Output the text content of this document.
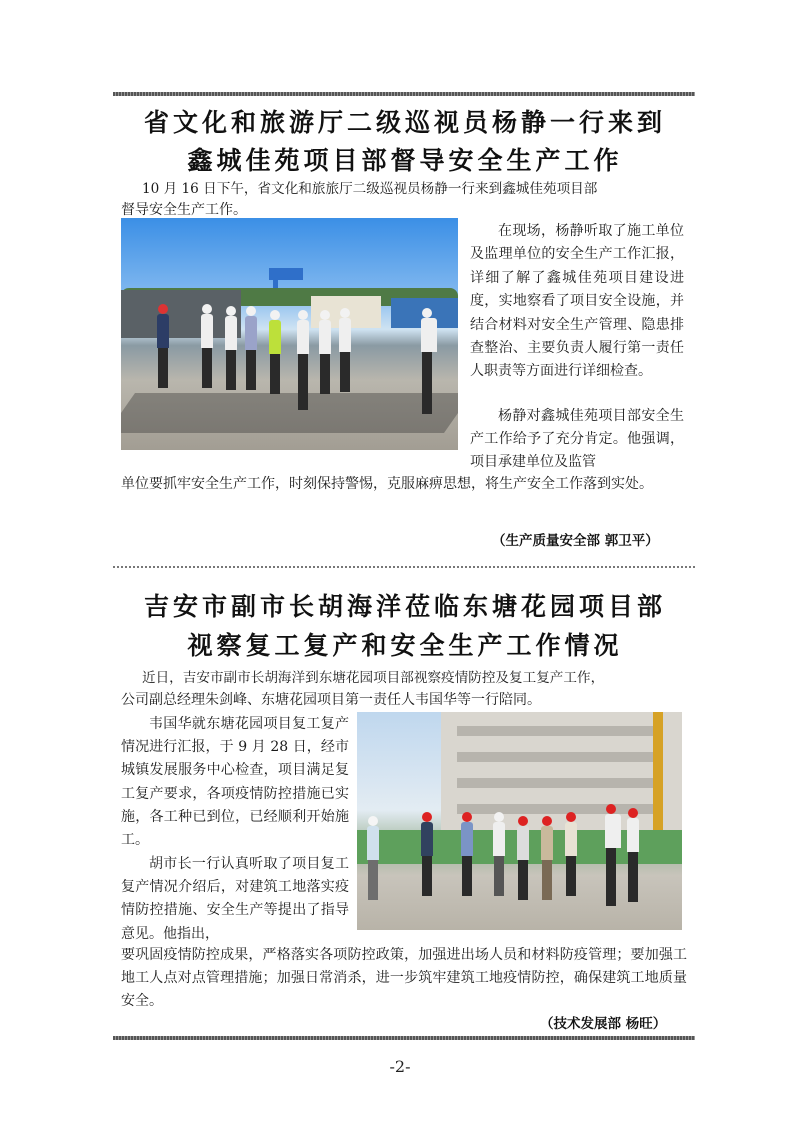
省文化和旅游厅二级巡视员杨静一行来到
鑫城佳苑项目部督导安全生产工作
10 月 16 日下午，省文化和旅旅厅二级巡视员杨静一行来到鑫城佳苑项目部
督导安全生产工作。
在现场，杨静听取了施工单位及监理单位的安全生产工作汇报，详细了解了鑫城佳苑项目建设进度，实地察看了项目安全设施，并结合材料对安全生产管理、隐患排查整治、主要负责人履行第一责任人职责等方面进行详细检查。
杨静对鑫城佳苑项目部安全生产工作给予了充分肯定。他强调，项目承建单位及监管
单位要抓牢安全生产工作，时刻保持警惕，克服麻痹思想，将生产安全工作落到实处。
（生产质量安全部 郭卫平）
吉安市副市长胡海洋莅临东塘花园项目部
视察复工复产和安全生产工作情况
近日，吉安市副市长胡海洋到东塘花园项目部视察疫情防控及复工复产工作，
公司副总经理朱剑峰、东塘花园项目第一责任人韦国华等一行陪同。
韦国华就东塘花园项目复工复产情况进行汇报，于 9 月 28 日，经市城镇发展服务中心检查，项目满足复工复产要求，各项疫情防控措施已实施，各工种已到位，已经顺利开始施工。
胡市长一行认真听取了项目复工复产情况介绍后，对建筑工地落实疫情防控措施、安全生产等提出了指导意见。他指出，
要巩固疫情防控成果，严格落实各项防控政策，加强进出场人员和材料防疫管理；要加强工地工人点对点管理措施；加强日常消杀，进一步筑牢建筑工地疫情防控，确保建筑工地质量安全。
（技术发展部 杨旺）
-2-
